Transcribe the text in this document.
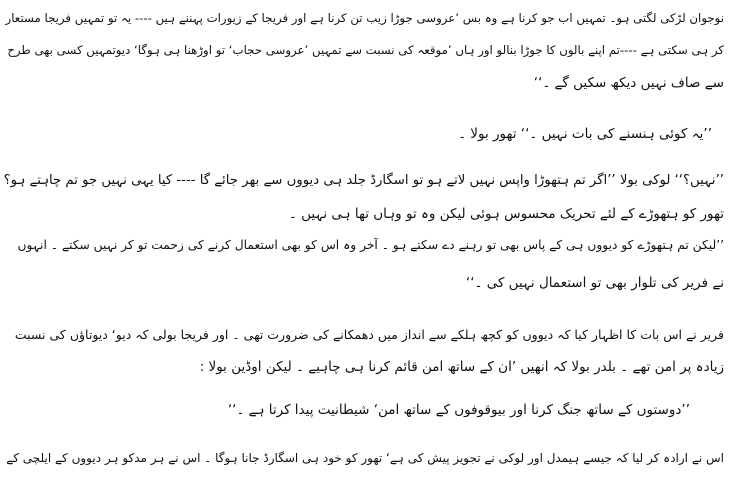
نوجوان لڑکی لگتی ہو۔ تمہیں اب جو کرنا ہے وہ بس ’عروسی جوڑا زیب تن کرنا ہے اور فریجا کے زیورات پہننے ہیں ---- یہ تو تمہیں فریجا مستعار
کر ہی سکتی ہے ----تم اپنے بالوں کا جوڑا بنالو اور ہاں ’موقعہ کی نسبت سے تمہیں ’عروسی حجاب‘ تو اوڑھنا ہی ہوگا‘ دیوتمہیں کسی بھی طرح
سے صاف نہیں دیکھ سکیں گے ۔‘‘
’’یہ کوئی ہنسنے کی بات نہیں ۔‘‘ تھور بولا ۔
’’نہیں؟‘‘ لوکی بولا ’’اگر تم ہتھوڑا واپس نہیں لاتے ہو تو اسگارڈ جلد ہی دیووں سے بھر جائے گا ---- کیا یہی نہیں جو تم چاہتے ہو؟
تھور کو ہتھوڑے کے لئے تحریک محسوس ہوئی لیکن وہ تو وہاں تھا ہی نہیں ۔
’’لیکن تم ہتھوڑے کو دیووں ہی کے پاس بھی تو رہنے دے سکتے ہو ۔ آخر وہ اس کو بھی استعمال کرنے کی زحمت تو کر نہیں سکتے ۔ انہوں
نے فریر کی تلوار بھی تو استعمال نہیں کی ۔‘‘
فریر نے اس بات کا اظہار کیا کہ دیووں کو کچھ ہلکے سے انداز میں دھمکانے کی ضرورت تھی ۔ اور فریجا بولی کہ دیو‘ دیوتاؤں کی نسبت
زیادہ پر امن تھے ۔ بلدر بولا کہ انھیں ’ان کے ساتھ امن قائم کرنا ہی چاہیے ۔ لیکن اوڈین بولا :
’’دوستوں کے ساتھ جنگ کرنا اور بیوقوفوں کے ساتھ امن‘ شیطانیت پیدا کرتا ہے ۔‘‘
اس نے ارادہ کر لیا کہ جیسے ہیمدل اور لوکی نے تجویز پیش کی ہے‘ تھور کو خود ہی اسگارڈ جانا ہوگا ۔ اس نے ہر مدکو ہر دیووں کے ایلچی کے
